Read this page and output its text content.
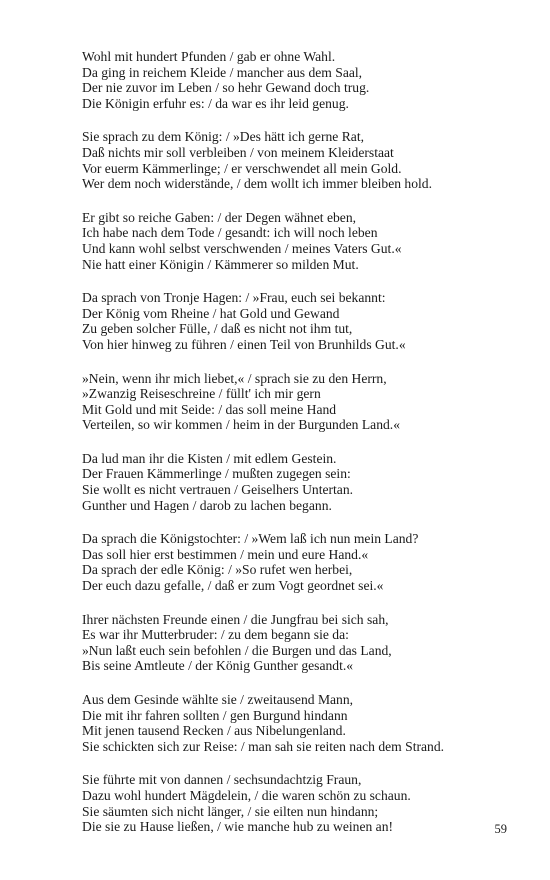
Wohl mit hundert Pfunden / gab er ohne Wahl.
Da ging in reichem Kleide / mancher aus dem Saal,
Der nie zuvor im Leben / so hehr Gewand doch trug.
Die Königin erfuhr es: / da war es ihr leid genug.
Sie sprach zu dem König: / »Des hätt ich gerne Rat,
Daß nichts mir soll verbleiben / von meinem Kleiderstaat
Vor euerm Kämmerlinge; / er verschwendet all mein Gold.
Wer dem noch widerstände, / dem wollt ich immer bleiben hold.
Er gibt so reiche Gaben: / der Degen wähnet eben,
Ich habe nach dem Tode / gesandt: ich will noch leben
Und kann wohl selbst verschwenden / meines Vaters Gut.«
Nie hatt einer Königin / Kämmerer so milden Mut.
Da sprach von Tronje Hagen: / »Frau, euch sei bekannt:
Der König vom Rheine / hat Gold und Gewand
Zu geben solcher Fülle, / daß es nicht not ihm tut,
Von hier hinweg zu führen / einen Teil von Brunhilds Gut.«
»Nein, wenn ihr mich liebet,« / sprach sie zu den Herrn,
»Zwanzig Reiseschreine / füllt' ich mir gern
Mit Gold und mit Seide: / das soll meine Hand
Verteilen, so wir kommen / heim in der Burgunden Land.«
Da lud man ihr die Kisten / mit edlem Gestein.
Der Frauen Kämmerlinge / mußten zugegen sein:
Sie wollt es nicht vertrauen / Geiselhers Untertan.
Gunther und Hagen / darob zu lachen begann.
Da sprach die Königstochter: / »Wem laß ich nun mein Land?
Das soll hier erst bestimmen / mein und eure Hand.«
Da sprach der edle König: / »So rufet wen herbei,
Der euch dazu gefalle, / daß er zum Vogt geordnet sei.«
Ihrer nächsten Freunde einen / die Jungfrau bei sich sah,
Es war ihr Mutterbruder: / zu dem begann sie da:
»Nun laßt euch sein befohlen / die Burgen und das Land,
Bis seine Amtleute / der König Gunther gesandt.«
Aus dem Gesinde wählte sie / zweitausend Mann,
Die mit ihr fahren sollten / gen Burgund hindann
Mit jenen tausend Recken / aus Nibelungenland.
Sie schickten sich zur Reise: / man sah sie reiten nach dem Strand.
Sie führte mit von dannen / sechsundachtzig Fraun,
Dazu wohl hundert Mägdelein, / die waren schön zu schaun.
Sie säumten sich nicht länger, / sie eilten nun hindann;
Die sie zu Hause ließen, / wie manche hub zu weinen an!	59
